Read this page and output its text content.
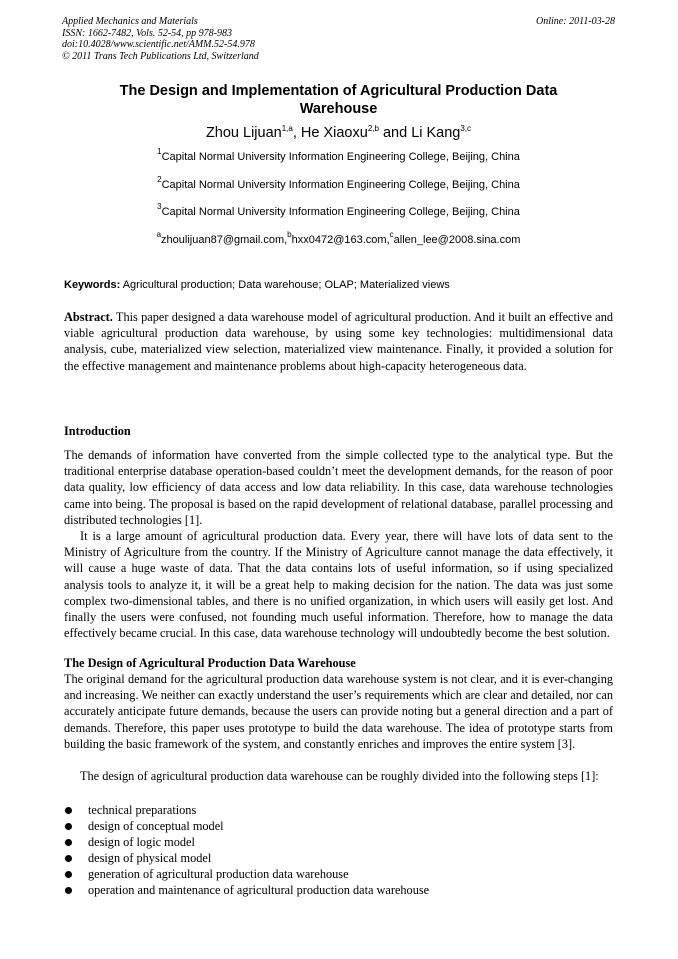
Applied Mechanics and Materials
ISSN: 1662-7482, Vols. 52-54, pp 978-983
doi:10.4028/www.scientific.net/AMM.52-54.978
© 2011 Trans Tech Publications Ltd, Switzerland
Online: 2011-03-28
The Design and Implementation of Agricultural Production Data
Warehouse
Zhou Lijuan$^{1,a}$, He Xiaoxu$^{2,b}$ and Li Kang$^{3,c}$
$^1$Capital Normal University Information Engineering College, Beijing, China
$^2$Capital Normal University Information Engineering College, Beijing, China
$^3$Capital Normal University Information Engineering College, Beijing, China
$^a$zhoulijuan87@gmail.com,$^b$hxx0472@163.com,$^c$allen_lee@2008.sina.com
Keywords: Agricultural production; Data warehouse; OLAP; Materialized views
Abstract. This paper designed a data warehouse model of agricultural production. And it built an effective and viable agricultural production data warehouse, by using some key technologies: multidimensional data analysis, cube, materialized view selection, materialized view maintenance. Finally, it provided a solution for the effective management and maintenance problems about high-capacity heterogeneous data.
Introduction
The demands of information have converted from the simple collected type to the analytical type. But the traditional enterprise database operation-based couldn’t meet the development demands, for the reason of poor data quality, low efficiency of data access and low data reliability. In this case, data warehouse technologies came into being. The proposal is based on the rapid development of relational database, parallel processing and distributed technologies [1].
It is a large amount of agricultural production data. Every year, there will have lots of data sent to the Ministry of Agriculture from the country. If the Ministry of Agriculture cannot manage the data effectively, it will cause a huge waste of data. That the data contains lots of useful information, so if using specialized analysis tools to analyze it, it will be a great help to making decision for the nation. The data was just some complex two-dimensional tables, and there is no unified organization, in which users will easily get lost. And finally the users were confused, not founding much useful information. Therefore, how to manage the data effectively became crucial. In this case, data warehouse technology will undoubtedly become the best solution.
The Design of Agricultural Production Data Warehouse
The original demand for the agricultural production data warehouse system is not clear, and it is ever-changing and increasing. We neither can exactly understand the user’s requirements which are clear and detailed, nor can accurately anticipate future demands, because the users can provide noting but a general direction and a part of demands. Therefore, this paper uses prototype to build the data warehouse. The idea of prototype starts from building the basic framework of the system, and constantly enriches and improves the entire system [3].
The design of agricultural production data warehouse can be roughly divided into the following steps [1]:
technical preparations
design of conceptual model
design of logic model
design of physical model
generation of agricultural production data warehouse
operation and maintenance of agricultural production data warehouse
